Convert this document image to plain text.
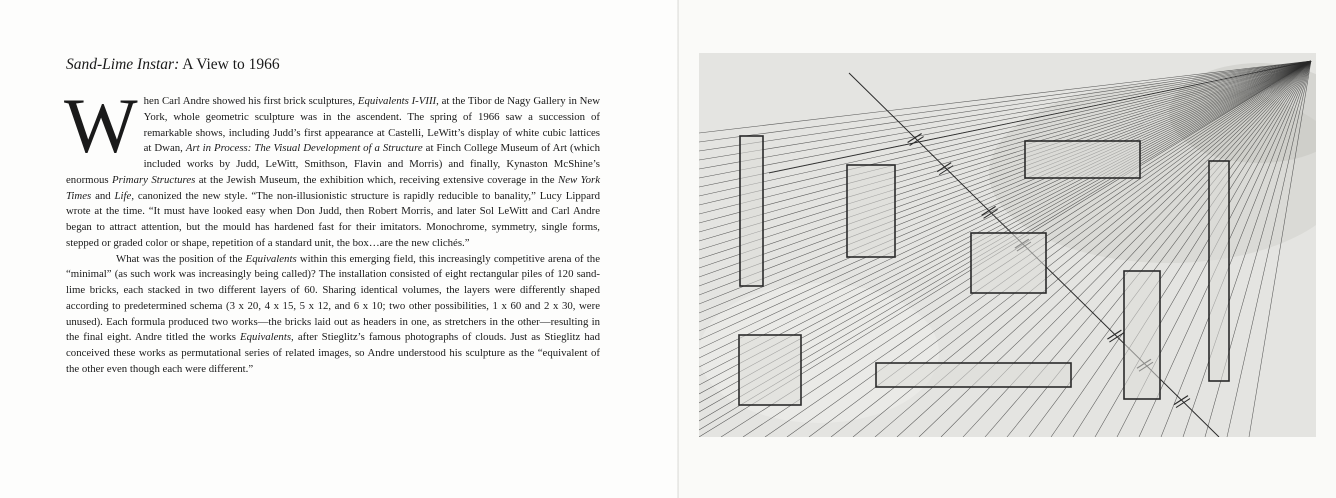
Sand-Lime Instar: A View to 1966

When Carl Andre showed his first brick sculptures, Equivalents I-VIII, at the Tibor de Nagy Gallery in New York, whole geometric sculpture was in the ascendent. The spring of 1966 saw a succession of remarkable shows, including Judd’s first appearance at Castelli, LeWitt’s display of white cubic lattices at Dwan, Art in Process: The Visual Development of a Structure at Finch College Museum of Art (which included works by Judd, LeWitt, Smithson, Flavin and Morris) and finally, Kynaston McShine’s enormous Primary Structures at the Jewish Museum, the exhibition which, receiving extensive coverage in the New York Times and Life, canonized the new style. “The non-illusionistic structure is rapidly reducible to banality,” Lucy Lippard wrote at the time. “It must have looked easy when Don Judd, then Robert Morris, and later Sol LeWitt and Carl Andre began to attract attention, but the mould has hardened fast for their imitators. Monochrome, symmetry, single forms, stepped or graded color or shape, repetition of a standard unit, the box…are the new clichés.”

What was the position of the Equivalents within this emerging field, this increasingly competitive arena of the “minimal” (as such work was increasingly being called)? The installation consisted of eight rectangular piles of 120 sand-lime bricks, each stacked in two different layers of 60. Sharing identical volumes, the layers were differently shaped according to predetermined schema (3 x 20, 4 x 15, 5 x 12, and 6 x 10; two other possibilities, 1 x 60 and 2 x 30, were unused). Each formula produced two works—the bricks laid out as headers in one, as stretchers in the other—resulting in the final eight. Andre titled the works Equivalents, after Stieglitz’s famous photographs of clouds. Just as Stieglitz had conceived these works as permutational series of related images, so Andre understood his sculpture as the “equivalent of the other even though each were different.”
